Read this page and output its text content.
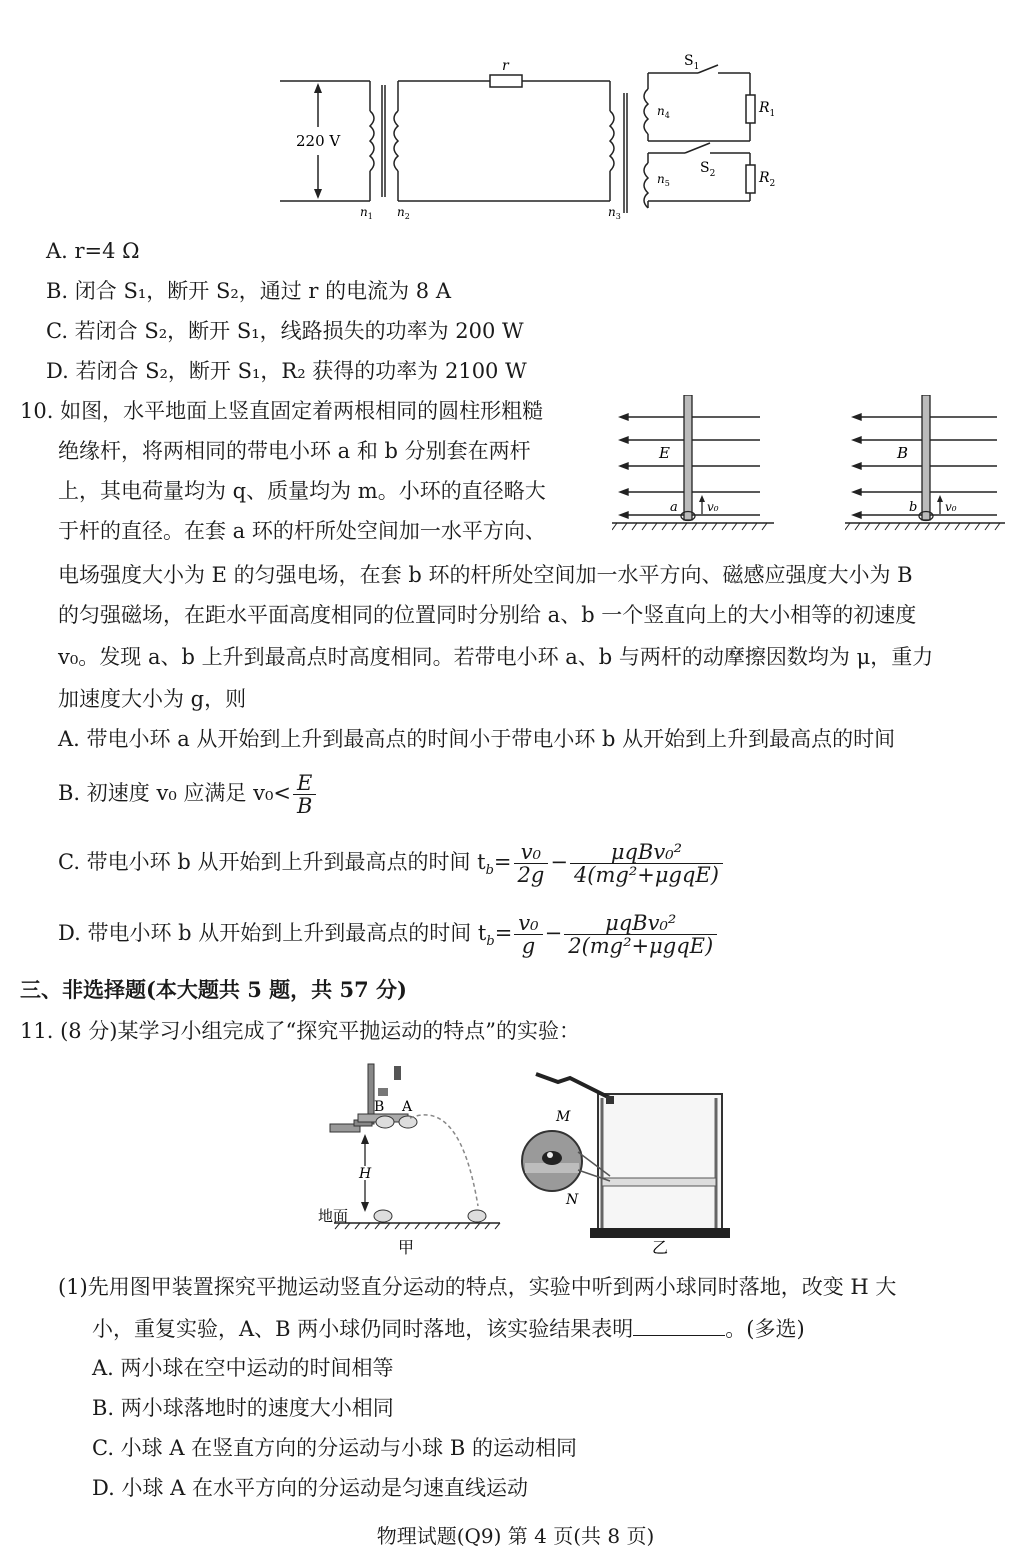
220 V
r	$S_1$
$S_2$
$R_1$
$R_2$
$n_1$ $n_2$	$n_3$
$n_4$
$n_5$
A. r=4 Ω
B. 闭合 S₁，断开 S₂，通过 r 的电流为 8 A
C. 若闭合 S₂，断开 S₁，线路损失的功率为 200 W
D. 若闭合 S₂，断开 S₁，R₂ 获得的功率为 2100 W
10. 如图，水平地面上竖直固定着两根相同的圆柱形粗糙
绝缘杆，将两相同的带电小环 a 和 b 分别套在两杆
上，其电荷量均为 q、质量均为 m。小环的直径略大
于杆的直径。在套 a 环的杆所处空间加一水平方向、
E
a v₀
B
b v₀
电场强度大小为 E 的匀强电场，在套 b 环的杆所处空间加一水平方向、磁感应强度大小为 B
的匀强磁场，在距水平面高度相同的位置同时分别给 a、b 一个竖直向上的大小相等的初速度
v₀。发现 a、b 上升到最高点时高度相同。若带电小环 a、b 与两杆的动摩擦因数均为 μ，重力
加速度大小为 g，则
A. 带电小环 a 从开始到上升到最高点的时间小于带电小环 b 从开始到上升到最高点的时间
B. 初速度 v₀ 应满足 $v_0< \frac{E}{B}$
C. 带电小环 b 从开始到上升到最高点的时间 $t_b= \frac{\text{v₀}}{2g} - \frac{\text{μqBv₀²}}{\text{4(mg²+μgqE)}}$
D. 带电小环 b 从开始到上升到最高点的时间 $t_b= \frac{\text{v₀}}{g} - \frac{\text{μqBv₀²}}{\text{2(mg²+μgqE)}}$
三、非选择题(本大题共 5 题，共 57 分)
11. (8 分)某学习小组完成了“探究平抛运动的特点”的实验：
B A
H
地面
甲
M
N
乙
(1)先用图甲装置探究平抛运动竖直分运动的特点，实验中听到两小球同时落地，改变 H 大
小，重复实验，A、B 两小球仍同时落地，该实验结果表明	。(多选)
A. 两小球在空中运动的时间相等
B. 两小球落地时的速度大小相同
C. 小球 A 在竖直方向的分运动与小球 B 的运动相同
D. 小球 A 在水平方向的分运动是匀速直线运动
物理试题(Q9) 第 4 页(共 8 页)
